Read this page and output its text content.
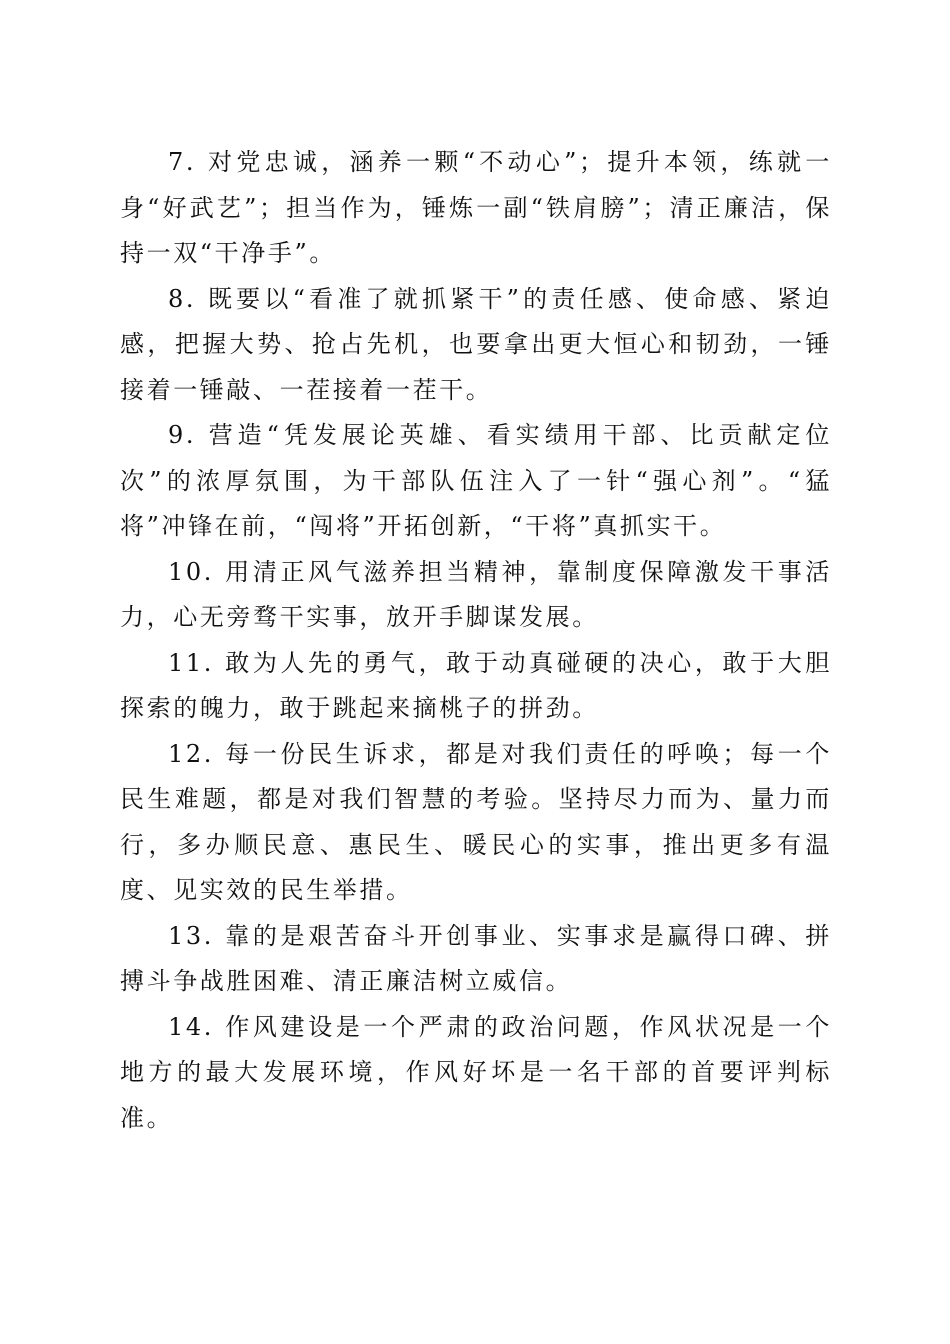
7. 对党忠诚，涵养一颗“不动心”；提升本领，练就一身“好武艺”；担当作为，锤炼一副“铁肩膀”；清正廉洁，保持一双“干净手”。

8. 既要以“看准了就抓紧干”的责任感、使命感、紧迫感，把握大势、抢占先机，也要拿出更大恒心和韧劲，一锤接着一锤敲、一茬接着一茬干。

9. 营造“凭发展论英雄、看实绩用干部、比贡献定位次”的浓厚氛围，为干部队伍注入了一针“强心剂”。“猛将”冲锋在前，“闯将”开拓创新，“干将”真抓实干。

10. 用清正风气滋养担当精神，靠制度保障激发干事活力，心无旁骛干实事，放开手脚谋发展。

11. 敢为人先的勇气，敢于动真碰硬的决心，敢于大胆探索的魄力，敢于跳起来摘桃子的拼劲。

12. 每一份民生诉求，都是对我们责任的呼唤；每一个民生难题，都是对我们智慧的考验。坚持尽力而为、量力而行，多办顺民意、惠民生、暖民心的实事，推出更多有温度、见实效的民生举措。

13. 靠的是艰苦奋斗开创事业、实事求是赢得口碑、拼搏斗争战胜困难、清正廉洁树立威信。

14. 作风建设是一个严肃的政治问题，作风状况是一个地方的最大发展环境，作风好坏是一名干部的首要评判标准。
